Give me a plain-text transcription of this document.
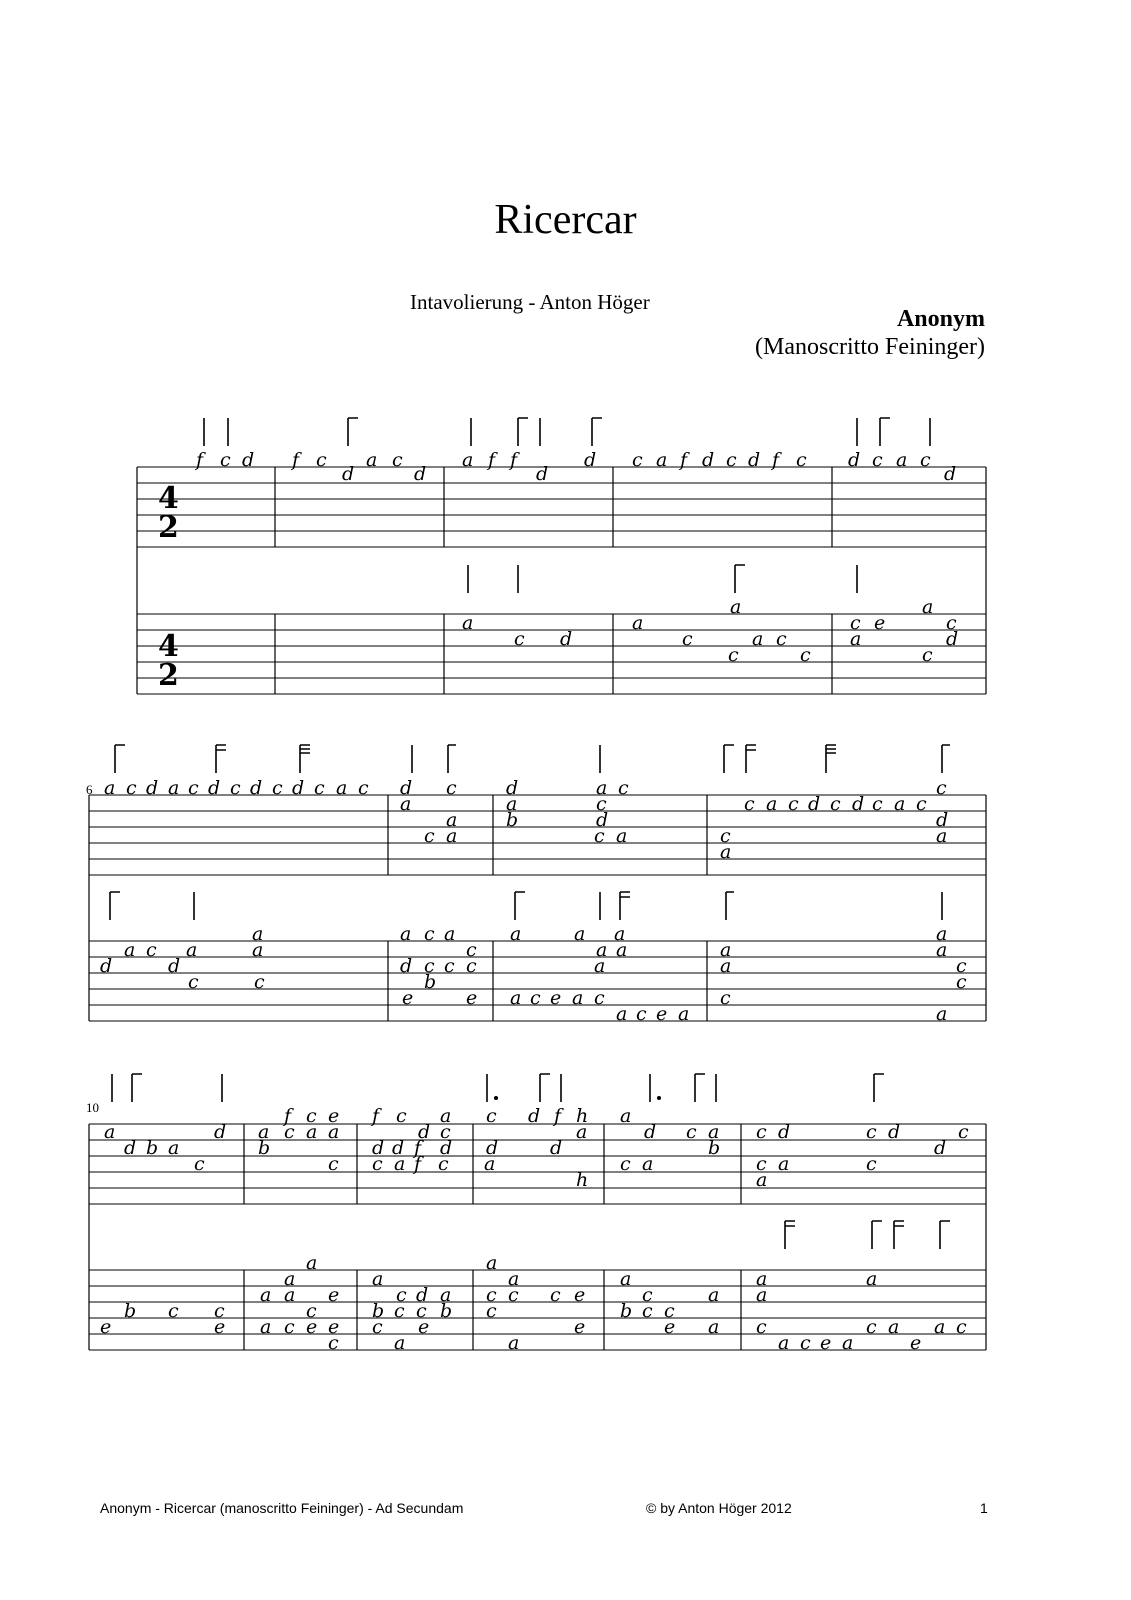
Ricercar
Intavolierung - Anton Höger
Anonym
(Manoscritto Feininger)
4
2
4
2
f c d f c
d
a c
d
a f f
d
d c a f d c d f c d c a c
d
a
c d
a
c
a
c
a c
c
c e
a
a
c
d
c
6 a c d a c d c d c d c a c d
a
c
a
c a
d
a
b
a c
c
d
c a
c a c d c d c a c
c
a
c
d
a
a c a
d	d
a
a
c	c
a c a
d
b
c c
c
c
e	e
a	a a
a a
a
a c e a c
a c e a
a
a
c
a
a
c
c
a
10
a
d b a
c
d
f c e
a c a a
b
c
f c a
d d f d
d c
c a f c
c d f h
d	d
a
a
h
a
d c a
b
c a
c d	c d	c
d
c a	c
a
e
b c c
e
a
a
a a e
c
a c e e
c
a
c d a
b c c b
c e
a
a
a
c c c e
c
e
a
a
c
b c c
a
e a
a
a
a
c
a c e a
c a
e
a c
Anonym - Ricercar (manoscritto Feininger) - Ad Secundam	© by Anton Höger 2012	1
